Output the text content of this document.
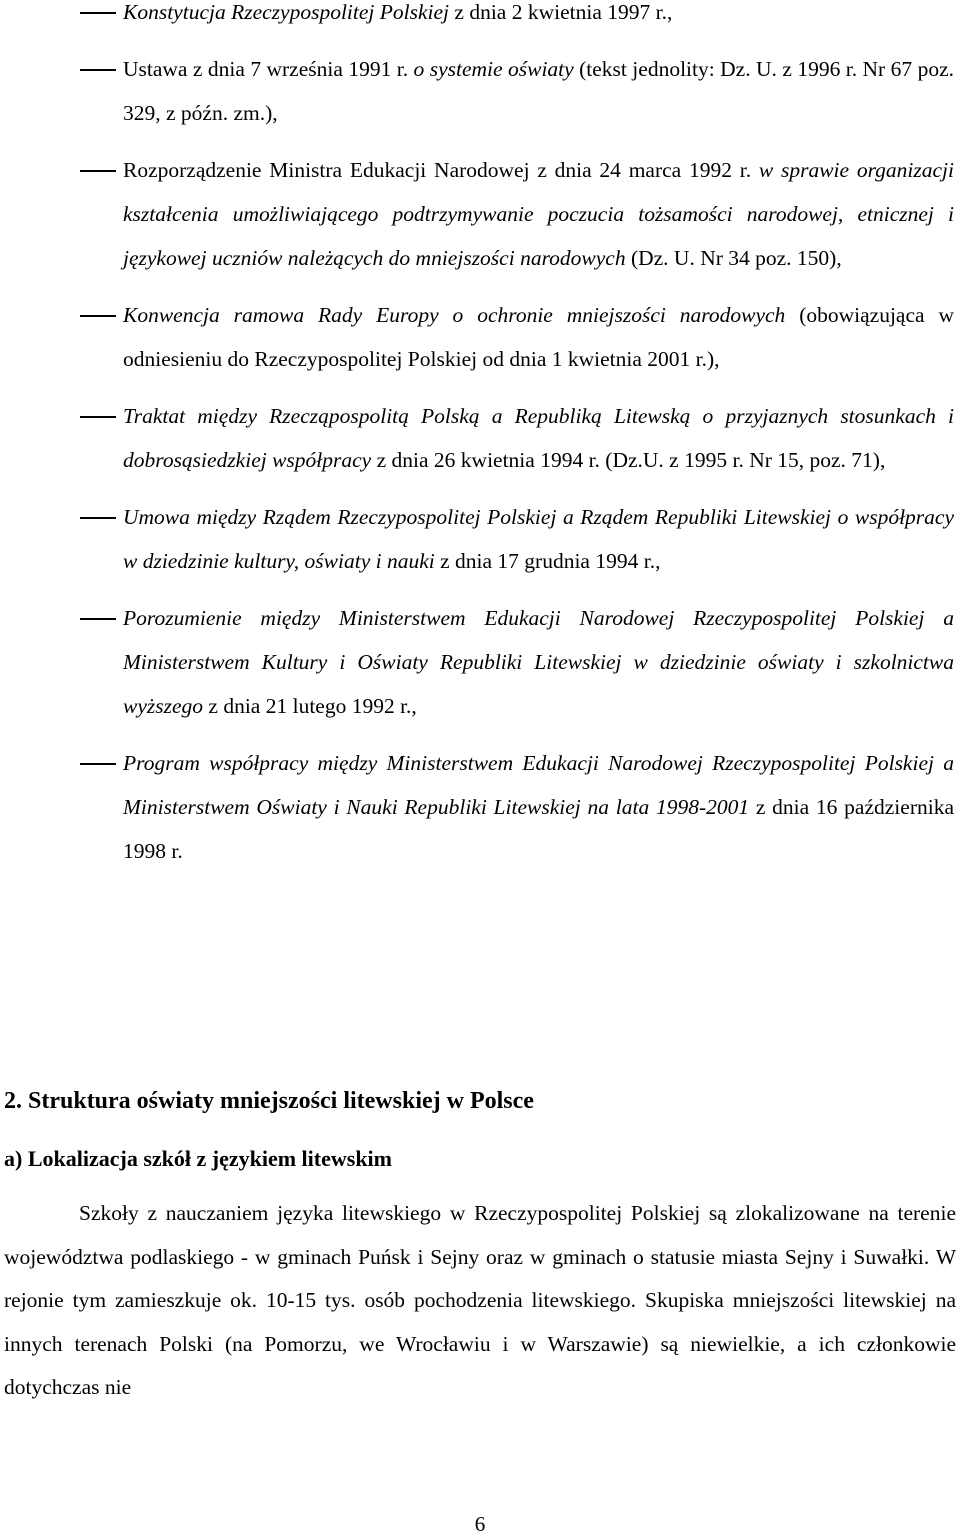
Konstytucja Rzeczypospolitej Polskiej z dnia 2 kwietnia 1997 r.,
Ustawa z dnia 7 września 1991 r. o systemie oświaty (tekst jednolity: Dz. U. z 1996 r. Nr 67 poz. 329, z późn. zm.),
Rozporządzenie Ministra Edukacji Narodowej z dnia 24 marca 1992 r. w sprawie organizacji kształcenia umożliwiającego podtrzymywanie poczucia tożsamości narodowej, etnicznej i językowej uczniów należących do mniejszości narodowych (Dz. U. Nr 34 poz. 150),
Konwencja ramowa Rady Europy o ochronie mniejszości narodowych (obowiązująca w odniesieniu do Rzeczypospolitej Polskiej od dnia 1 kwietnia 2001 r.),
Traktat między Rzecząpospolitą Polską a Republiką Litewską o przyjaznych stosunkach i dobrosąsiedzkiej współpracy z dnia 26 kwietnia 1994 r. (Dz.U. z 1995 r. Nr 15, poz. 71),
Umowa między Rządem Rzeczypospolitej Polskiej a Rządem Republiki Litewskiej o współpracy w dziedzinie kultury, oświaty i nauki z dnia 17 grudnia 1994 r.,
Porozumienie między Ministerstwem Edukacji Narodowej Rzeczypospolitej Polskiej a Ministerstwem Kultury i Oświaty Republiki Litewskiej w dziedzinie oświaty i szkolnictwa wyższego z dnia 21 lutego 1992 r.,
Program współpracy między Ministerstwem Edukacji Narodowej Rzeczypospolitej Polskiej a Ministerstwem Oświaty i Nauki Republiki Litewskiej na lata 1998-2001 z dnia 16 października 1998 r.
2. Struktura oświaty mniejszości litewskiej w Polsce
a) Lokalizacja szkół z językiem litewskim

Szkoły z nauczaniem języka litewskiego w Rzeczypospolitej Polskiej są zlokalizowane na terenie województwa podlaskiego - w gminach Puńsk i Sejny oraz w gminach o statusie miasta Sejny i Suwałki. W rejonie tym zamieszkuje ok. 10-15 tys. osób pochodzenia litewskiego. Skupiska mniejszości litewskiej na innych terenach Polski (na Pomorzu, we Wrocławiu i w Warszawie) są niewielkie, a ich członkowie dotychczas nie

6
